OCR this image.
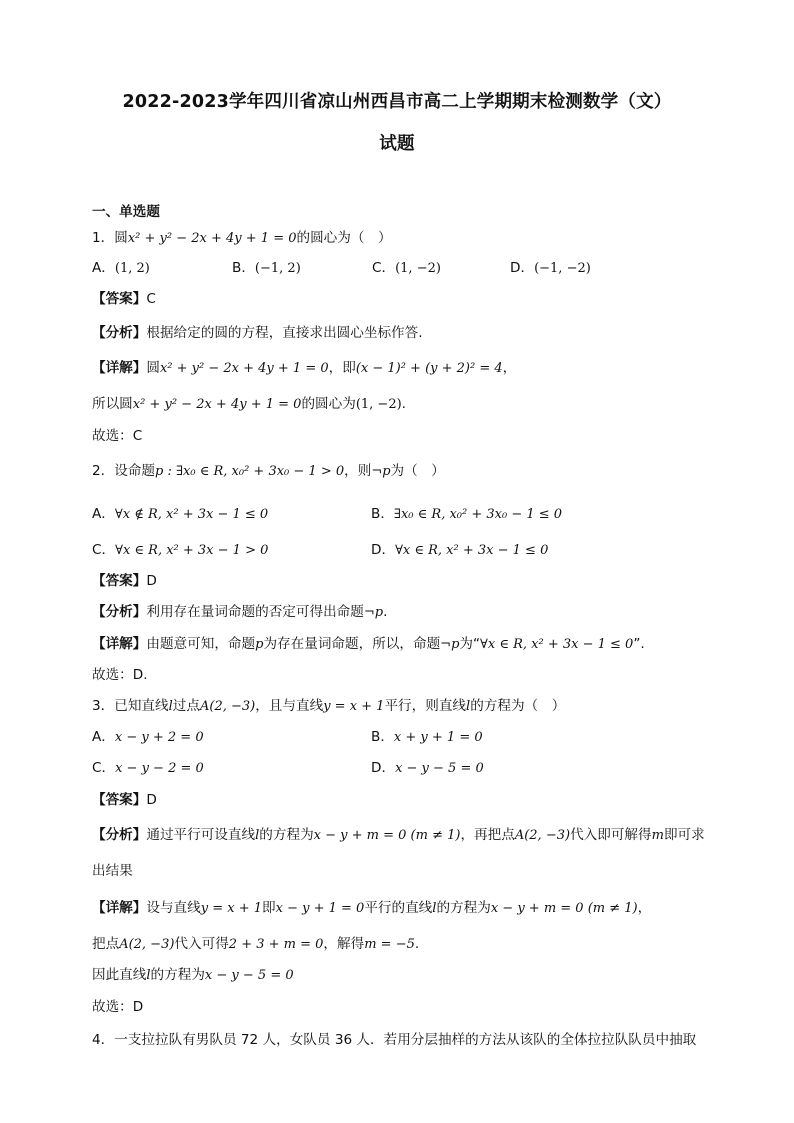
2022-2023学年四川省凉山州西昌市高二上学期期末检测数学（文）
试题
一、单选题
1．圆x² + y² − 2x + 4y + 1 = 0的圆心为（　）
A．(1, 2)	B．(−1, 2)	C．(1, −2)	D．(−1, −2)
【答案】C
【分析】根据给定的圆的方程，直接求出圆心坐标作答.
【详解】圆x² + y² − 2x + 4y + 1 = 0，即(x − 1)² + (y + 2)² = 4，
所以圆x² + y² − 2x + 4y + 1 = 0的圆心为(1, −2).
故选：C
2．设命题p : ∃x₀ ∈ R, x₀² + 3x₀ − 1 > 0，则¬p为（　）
A．∀x ∉ R, x² + 3x − 1 ≤ 0	B．∃x₀ ∈ R, x₀² + 3x₀ − 1 ≤ 0
C．∀x ∈ R, x² + 3x − 1 > 0	D．∀x ∈ R, x² + 3x − 1 ≤ 0
【答案】D
【分析】利用存在量词命题的否定可得出命题¬p.
【详解】由题意可知，命题p为存在量词命题，所以，命题¬p为“∀x ∈ R, x² + 3x − 1 ≤ 0”.
故选：D.
3．已知直线l过点A(2, −3)，且与直线y = x + 1平行，则直线l的方程为（　）
A．x − y + 2 = 0	B．x + y + 1 = 0
C．x − y − 2 = 0	D．x − y − 5 = 0
【答案】D
【分析】通过平行可设直线l的方程为x − y + m = 0 (m ≠ 1)，再把点A(2, −3)代入即可解得m即可求
出结果
【详解】设与直线y = x + 1即x − y + 1 = 0平行的直线l的方程为x − y + m = 0 (m ≠ 1)，
把点A(2, −3)代入可得2 + 3 + m = 0，解得m = −5.
因此直线l的方程为x − y − 5 = 0
故选：D
4．一支拉拉队有男队员 72 人，女队员 36 人．若用分层抽样的方法从该队的全体拉拉队队员中抽取
